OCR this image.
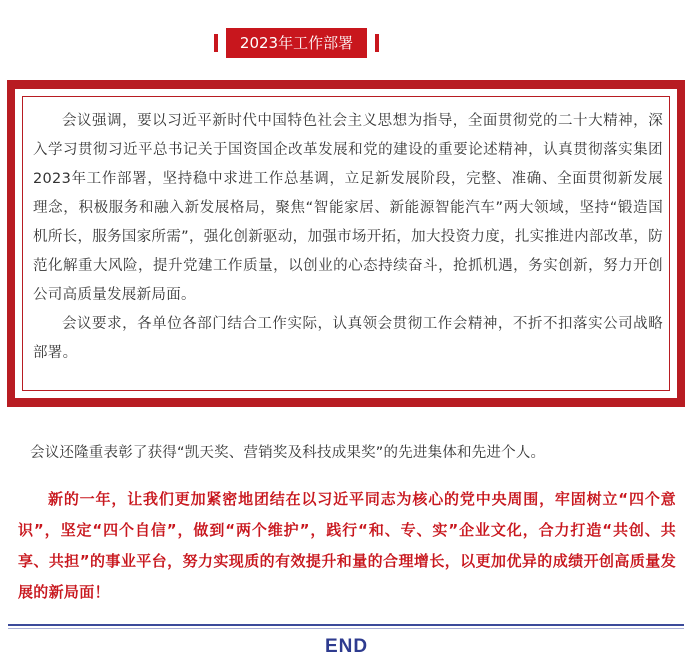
2023年工作部署

会议强调，要以习近平新时代中国特色社会主义思想为指导，全面贯彻党的二十大精神，深入学习贯彻习近平总书记关于国资国企改革发展和党的建设的重要论述精神，认真贯彻落实集团2023年工作部署，坚持稳中求进工作总基调，立足新发展阶段，完整、准确、全面贯彻新发展理念，积极服务和融入新发展格局，聚焦“智能家居、新能源智能汽车”两大领域，坚持“锻造国机所长，服务国家所需”，强化创新驱动，加强市场开拓，加大投资力度，扎实推进内部改革，防范化解重大风险，提升党建工作质量，以创业的心态持续奋斗，抢抓机遇，务实创新，努力开创公司高质量发展新局面。

会议要求，各单位各部门结合工作实际，认真领会贯彻工作会精神，不折不扣落实公司战略部署。

会议还隆重表彰了获得“凯天奖、营销奖及科技成果奖”的先进集体和先进个人。

新的一年，让我们更加紧密地团结在以习近平同志为核心的党中央周围，牢固树立“四个意识”，坚定“四个自信”，做到“两个维护”，践行“和、专、实”企业文化，合力打造“共创、共享、共担”的事业平台，努力实现质的有效提升和量的合理增长，以更加优异的成绩开创高质量发展的新局面！

END
